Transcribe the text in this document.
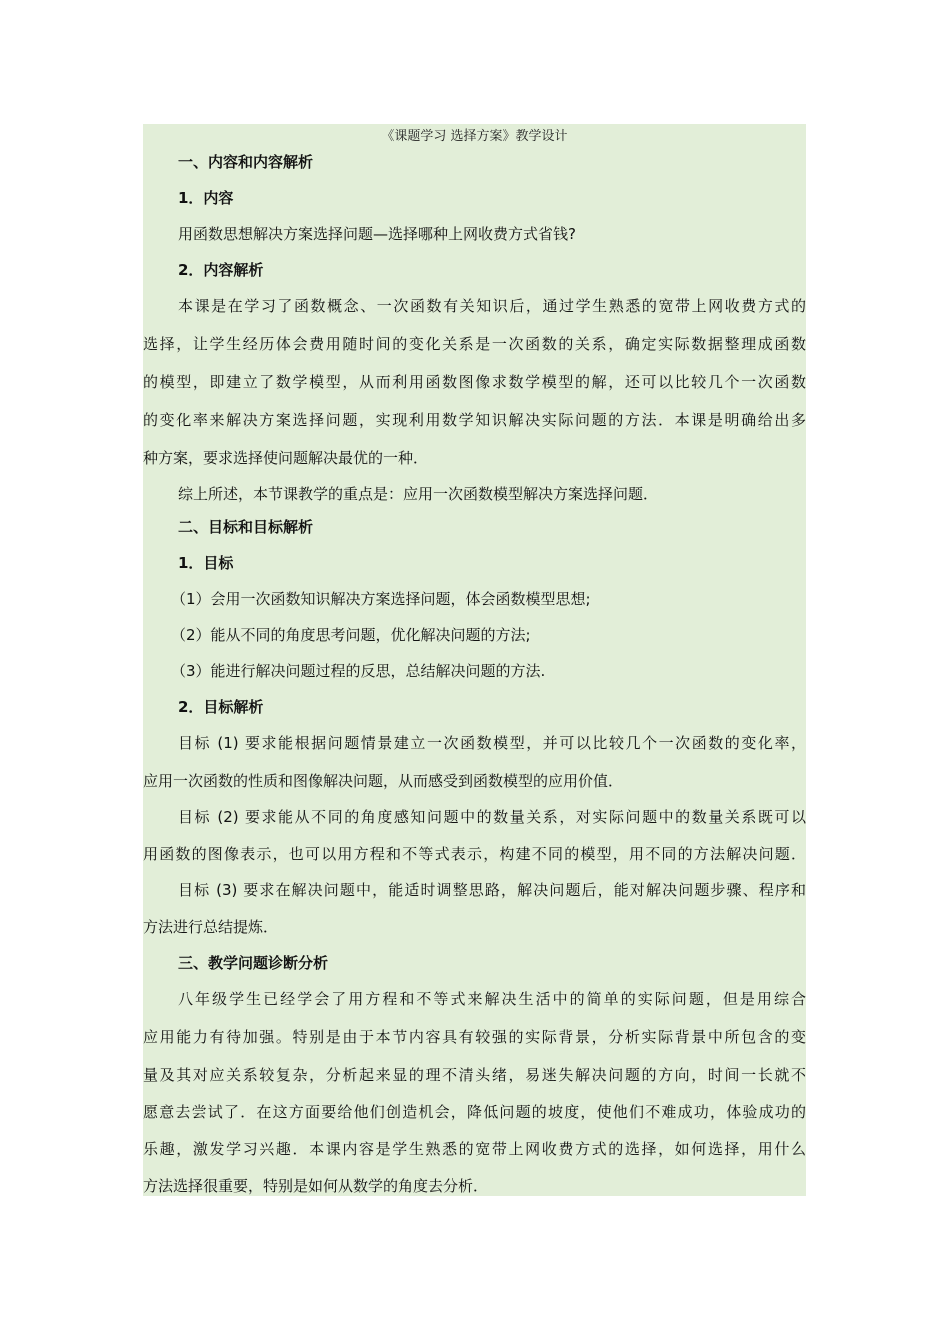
《课题学习 选择方案》教学设计
一、内容和内容解析
1．内容
用函数思想解决方案选择问题—选择哪种上网收费方式省钱?
2．内容解析
本课是在学习了函数概念、一次函数有关知识后，通过学生熟悉的宽带上网收费方式的
选择，让学生经历体会费用随时间的变化关系是一次函数的关系，确定实际数据整理成函数
的模型，即建立了数学模型，从而利用函数图像求数学模型的解，还可以比较几个一次函数
的变化率来解决方案选择问题，实现利用数学知识解决实际问题的方法．本课是明确给出多
种方案，要求选择使问题解决最优的一种．
综上所述，本节课教学的重点是：应用一次函数模型解决方案选择问题．
二、目标和目标解析
1．目标
（1）会用一次函数知识解决方案选择问题，体会函数模型思想;
（2）能从不同的角度思考问题，优化解决问题的方法;
（3）能进行解决问题过程的反思，总结解决问题的方法.
2．目标解析
目标 (1) 要求能根据问题情景建立一次函数模型，并可以比较几个一次函数的变化率，
应用一次函数的性质和图像解决问题，从而感受到函数模型的应用价值．
目标 (2) 要求能从不同的角度感知问题中的数量关系，对实际问题中的数量关系既可以
用函数的图像表示，也可以用方程和不等式表示，构建不同的模型，用不同的方法解决问题．
目标 (3) 要求在解决问题中，能适时调整思路，解决问题后，能对解决问题步骤、程序和
方法进行总结提炼．
三、教学问题诊断分析
八年级学生已经学会了用方程和不等式来解决生活中的简单的实际问题，但是用综合
应用能力有待加强。特别是由于本节内容具有较强的实际背景，分析实际背景中所包含的变
量及其对应关系较复杂，分析起来显的理不清头绪，易迷失解决问题的方向，时间一长就不
愿意去尝试了．在这方面要给他们创造机会，降低问题的坡度，使他们不难成功，体验成功的
乐趣，激发学习兴趣．本课内容是学生熟悉的宽带上网收费方式的选择，如何选择，用什么
方法选择很重要，特别是如何从数学的角度去分析．
